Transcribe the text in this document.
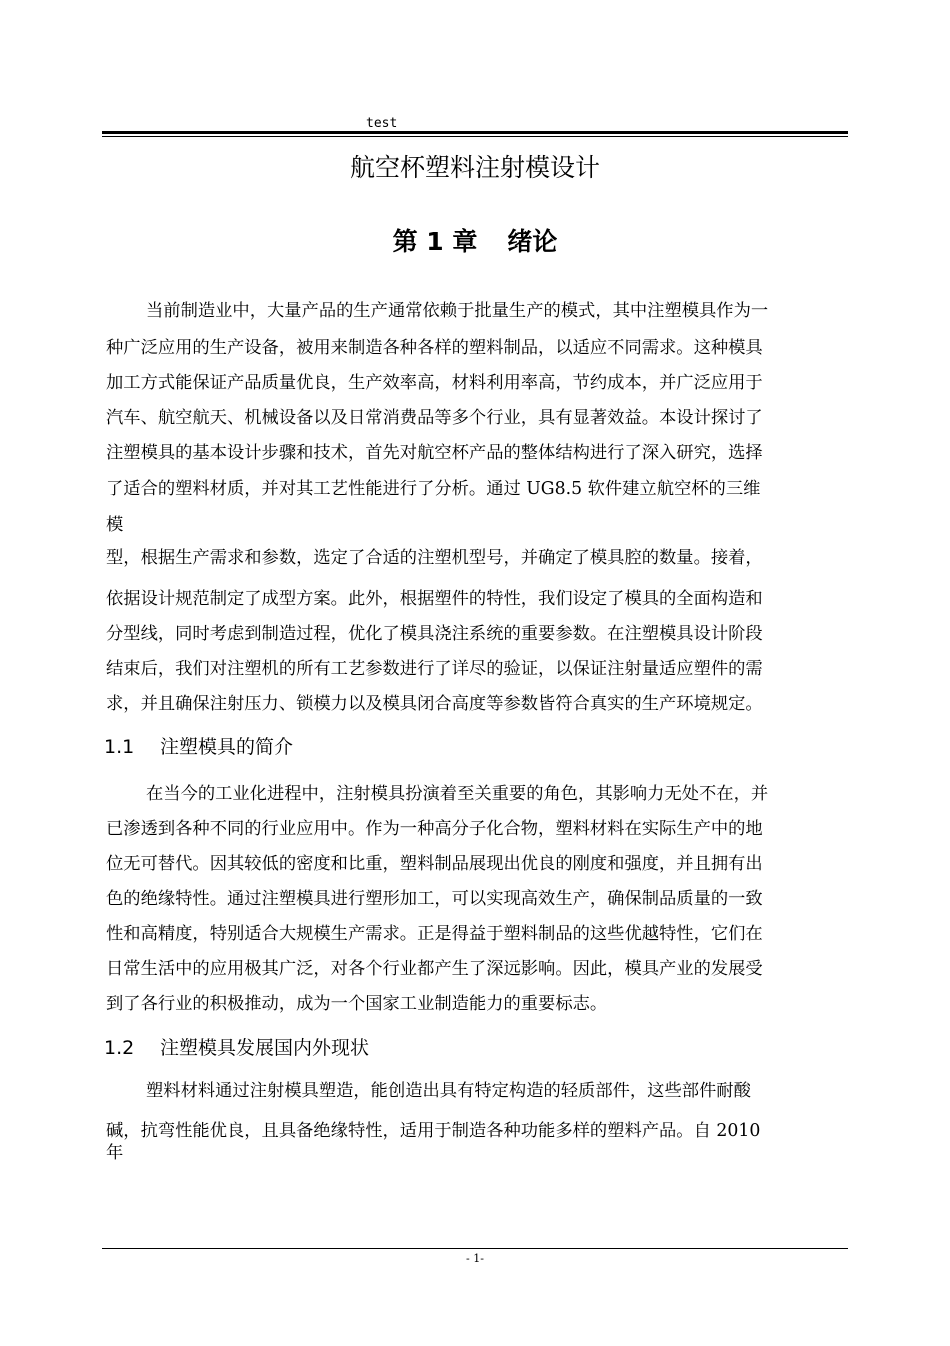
test
航空杯塑料注射模设计
第 1 章 绪论
当前制造业中，大量产品的生产通常依赖于批量生产的模式，其中注塑模具作为一
种广泛应用的生产设备，被用来制造各种各样的塑料制品，以适应不同需求。这种模具
加工方式能保证产品质量优良，生产效率高，材料利用率高，节约成本，并广泛应用于
汽车、航空航天、机械设备以及日常消费品等多个行业，具有显著效益。本设计探讨了
注塑模具的基本设计步骤和技术，首先对航空杯产品的整体结构进行了深入研究，选择
了适合的塑料材质，并对其工艺性能进行了分析。通过 UG8.5 软件建立航空杯的三维
模
型，根据生产需求和参数，选定了合适的注塑机型号，并确定了模具腔的数量。接着，
依据设计规范制定了成型方案。此外，根据塑件的特性，我们设定了模具的全面构造和
分型线，同时考虑到制造过程，优化了模具浇注系统的重要参数。在注塑模具设计阶段
结束后，我们对注塑机的所有工艺参数进行了详尽的验证，以保证注射量适应塑件的需
求，并且确保注射压力、锁模力以及模具闭合高度等参数皆符合真实的生产环境规定。
1.1 注塑模具的简介
在当今的工业化进程中，注射模具扮演着至关重要的角色，其影响力无处不在，并
已渗透到各种不同的行业应用中。作为一种高分子化合物，塑料材料在实际生产中的地
位无可替代。因其较低的密度和比重，塑料制品展现出优良的刚度和强度，并且拥有出
色的绝缘特性。通过注塑模具进行塑形加工，可以实现高效生产，确保制品质量的一致
性和高精度，特别适合大规模生产需求。正是得益于塑料制品的这些优越特性，它们在
日常生活中的应用极其广泛，对各个行业都产生了深远影响。因此，模具产业的发展受
到了各行业的积极推动，成为一个国家工业制造能力的重要标志。
1.2 注塑模具发展国内外现状
塑料材料通过注射模具塑造，能创造出具有特定构造的轻质部件，这些部件耐酸
碱，抗弯性能优良，且具备绝缘特性，适用于制造各种功能多样的塑料产品。自 2010
年
- 1-
